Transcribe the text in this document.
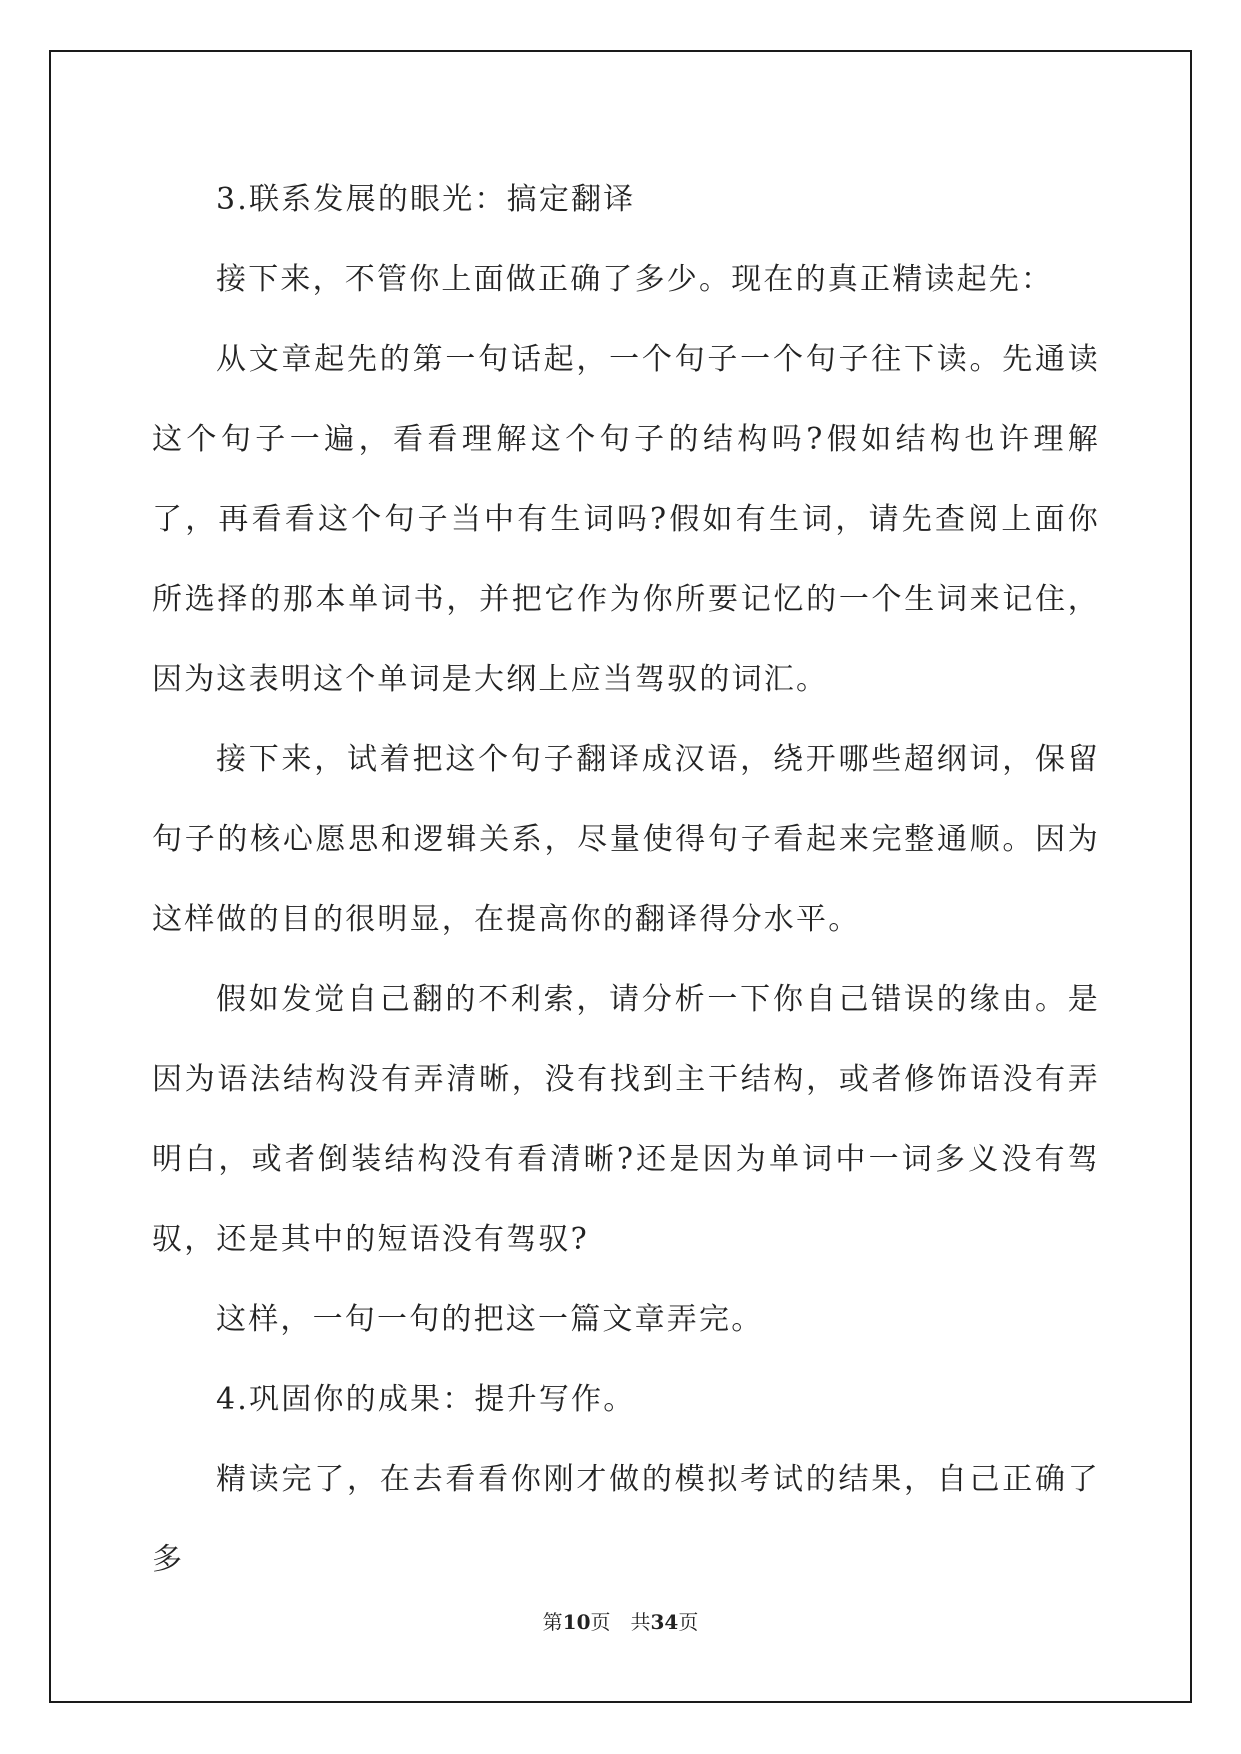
3.联系发展的眼光：搞定翻译

接下来，不管你上面做正确了多少。现在的真正精读起先：

从文章起先的第一句话起，一个句子一个句子往下读。先通读这个句子一遍，看看理解这个句子的结构吗?假如结构也许理解了，再看看这个句子当中有生词吗?假如有生词，请先查阅上面你所选择的那本单词书，并把它作为你所要记忆的一个生词来记住，因为这表明这个单词是大纲上应当驾驭的词汇。

接下来，试着把这个句子翻译成汉语，绕开哪些超纲词，保留句子的核心愿思和逻辑关系，尽量使得句子看起来完整通顺。因为这样做的目的很明显，在提高你的翻译得分水平。

假如发觉自己翻的不利索，请分析一下你自己错误的缘由。是因为语法结构没有弄清晰，没有找到主干结构，或者修饰语没有弄明白，或者倒装结构没有看清晰?还是因为单词中一词多义没有驾驭，还是其中的短语没有驾驭?

这样，一句一句的把这一篇文章弄完。

4.巩固你的成果：提升写作。

精读完了，在去看看你刚才做的模拟考试的结果，自己正确了多

第10页 共34页
